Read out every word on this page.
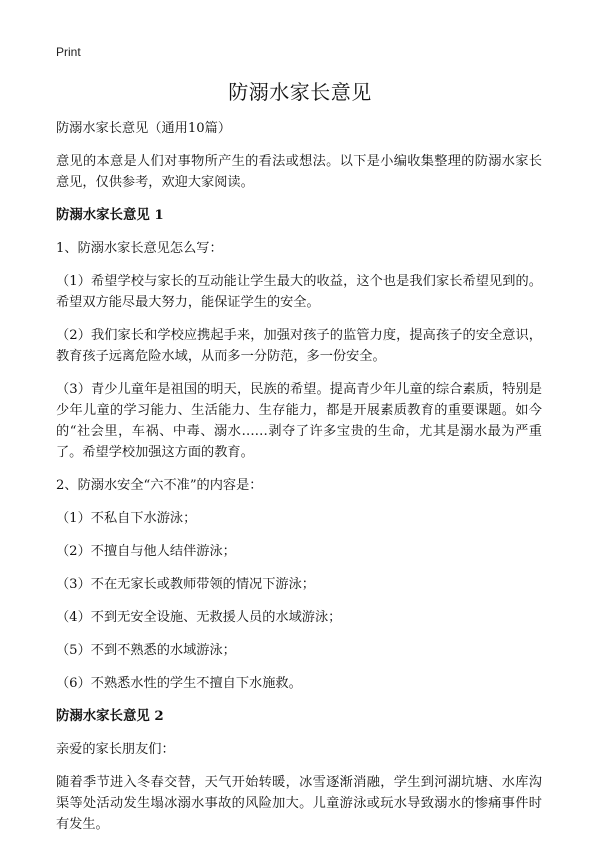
Print
防溺水家长意见

防溺水家长意见（通用10篇）

意见的本意是人们对事物所产生的看法或想法。以下是小编收集整理的防溺水家长意见，仅供参考，欢迎大家阅读。

防溺水家长意见 1

1、防溺水家长意见怎么写：

（1）希望学校与家长的互动能让学生最大的收益，这个也是我们家长希望见到的。希望双方能尽最大努力，能保证学生的安全。

（2）我们家长和学校应携起手来，加强对孩子的监管力度，提高孩子的安全意识，教育孩子远离危险水域，从而多一分防范，多一份安全。

（3）青少儿童年是祖国的明天，民族的希望。提高青少年儿童的综合素质，特别是少年儿童的学习能力、生活能力、生存能力，都是开展素质教育的重要课题。如今的“社会里，车祸、中毒、溺水……剥夺了许多宝贵的生命，尤其是溺水最为严重了。希望学校加强这方面的教育。

2、防溺水安全“六不准”的内容是：

（1）不私自下水游泳；

（2）不擅自与他人结伴游泳；

（3）不在无家长或教师带领的情况下游泳；

（4）不到无安全设施、无救援人员的水域游泳；

（5）不到不熟悉的水域游泳；

（6）不熟悉水性的学生不擅自下水施救。

防溺水家长意见 2

亲爱的家长朋友们：

随着季节进入冬春交替，天气开始转暖，冰雪逐渐消融，学生到河湖坑塘、水库沟渠等处活动发生塌冰溺水事故的风险加大。儿童游泳或玩水导致溺水的惨痛事件时有发生。
